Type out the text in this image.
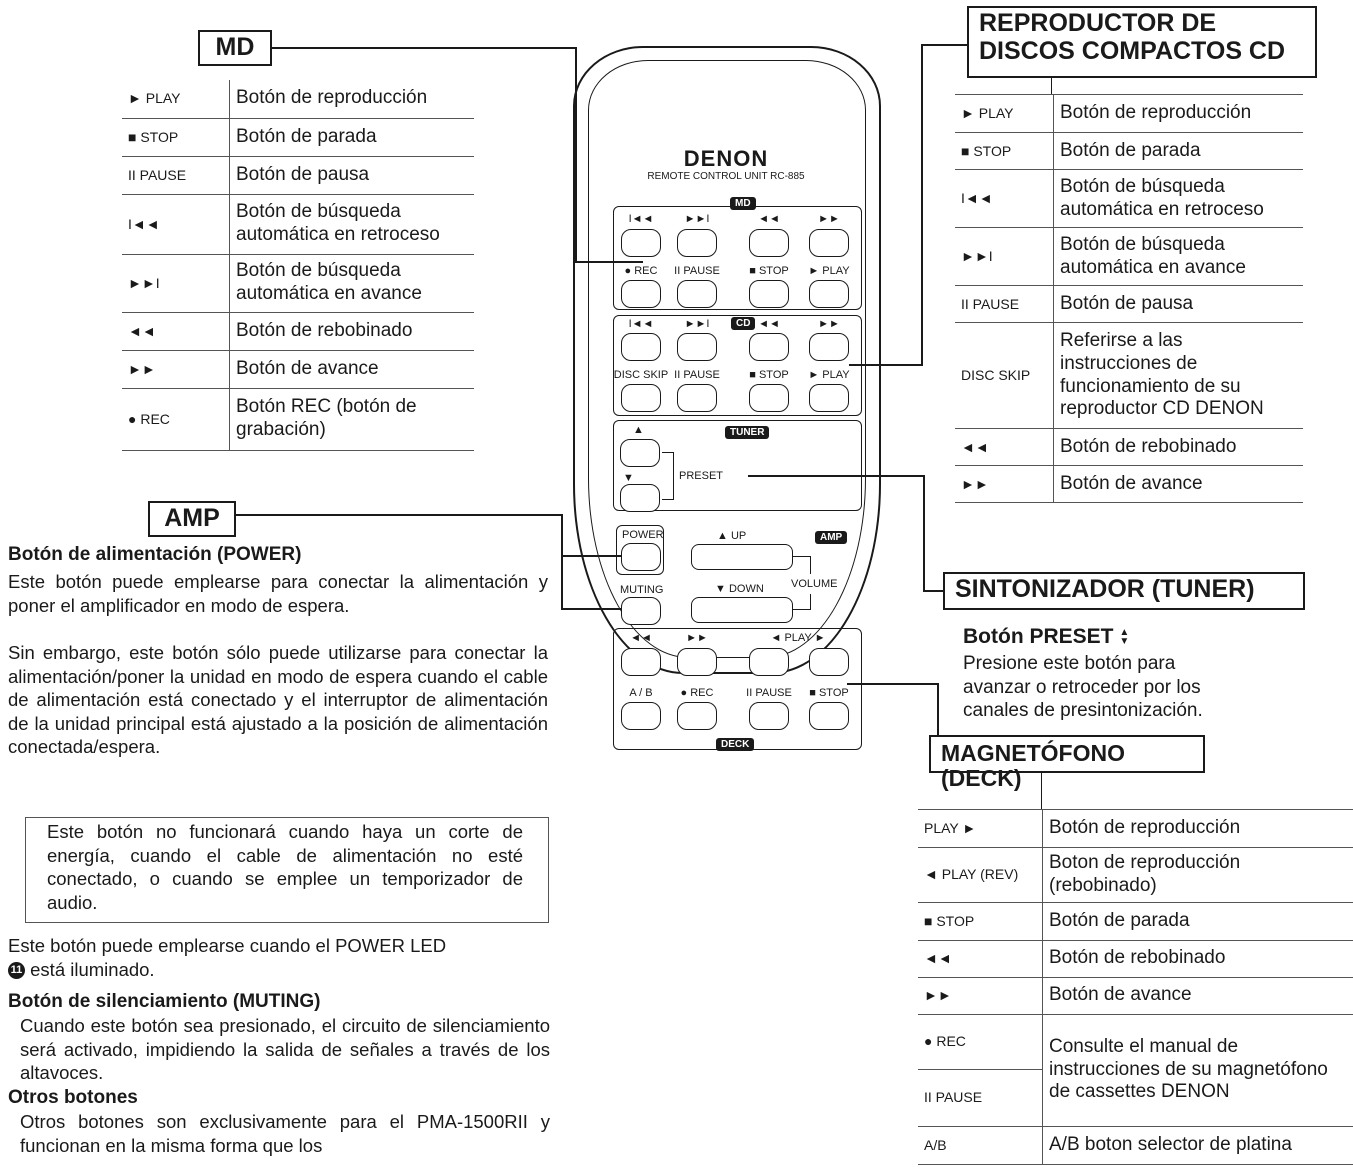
MD
► PLAY	Botón de reproducción
■ STOP	Botón de parada
II PAUSE	Botón de pausa
I◄◄	Botón de búsqueda automática en retroceso
►►I	Botón de búsqueda automática en avance
◄◄	Botón de rebobinado
►►	Botón de avance
● REC	Botón REC (botón de grabación)
AMP
Botón de alimentación (POWER)
Este botón puede emplearse para conectar la alimentación y poner el amplificador en modo de espera.
Sin embargo, este botón sólo puede utilizarse para conectar la alimentación/poner la unidad en modo de espera cuando el cable de alimentación está conectado y el interruptor de alimentación de la unidad principal está ajustado a la posición de alimentación conectada/espera.
Este botón no funcionará cuando haya un corte de energía, cuando el cable de alimentación no esté conectado, o cuando se emplee un temporizador de audio.
Este botón puede emplearse cuando el POWER LED
11 está iluminado.
Botón de silenciamiento (MUTING)
Cuando este botón sea presionado, el circuito de silenciamiento será activado, impidiendo la salida de señales a través de los altavoces.
Otros botones
Otros botones son exclusivamente para el PMA-1500RII y funcionan en la misma forma que los
REPRODUCTOR DE
DISCOS COMPACTOS CD
► PLAY	Botón de reproducción
■ STOP	Botón de parada
I◄◄	Botón de búsqueda automática en retroceso
►►I	Botón de búsqueda automática en avance
II PAUSE	Botón de pausa
DISC SKIP	Referirse a las instrucciones de funcionamiento de su reproductor CD DENON
◄◄	Botón de rebobinado
►►	Botón de avance
SINTONIZADOR (TUNER)
Botón PRESET ▲
▼
Presione este botón para avanzar o retroceder por los canales de presintonización.
MAGNETÓFONO (DECK)
PLAY ►	Botón de reproducción
◄ PLAY (REV)	Boton de reproducción (rebobinado)
■ STOP	Botón de parada
◄◄	Botón de rebobinado
►►	Botón de avance
● REC	Consulte el manual de instrucciones de su magnetófono de cassettes DENON
II PAUSE	
A/B	A/B boton selector de platina
DENON
REMOTE CONTROL UNIT RC-885
MD
I◄◄	►►I	◄◄	►►
● REC	II PAUSE	■ STOP	► PLAY
CD
I◄◄	►►I	◄◄	►►
DISC SKIP II PAUSE	■ STOP	► PLAY
TUNER
▲
▼	PRESET
AMP
POWER
MUTING
▲ UP
▼ DOWN VOLUME
◄◄	►►	◄ PLAY ►
A / B	● REC	II PAUSE	■ STOP
DECK
